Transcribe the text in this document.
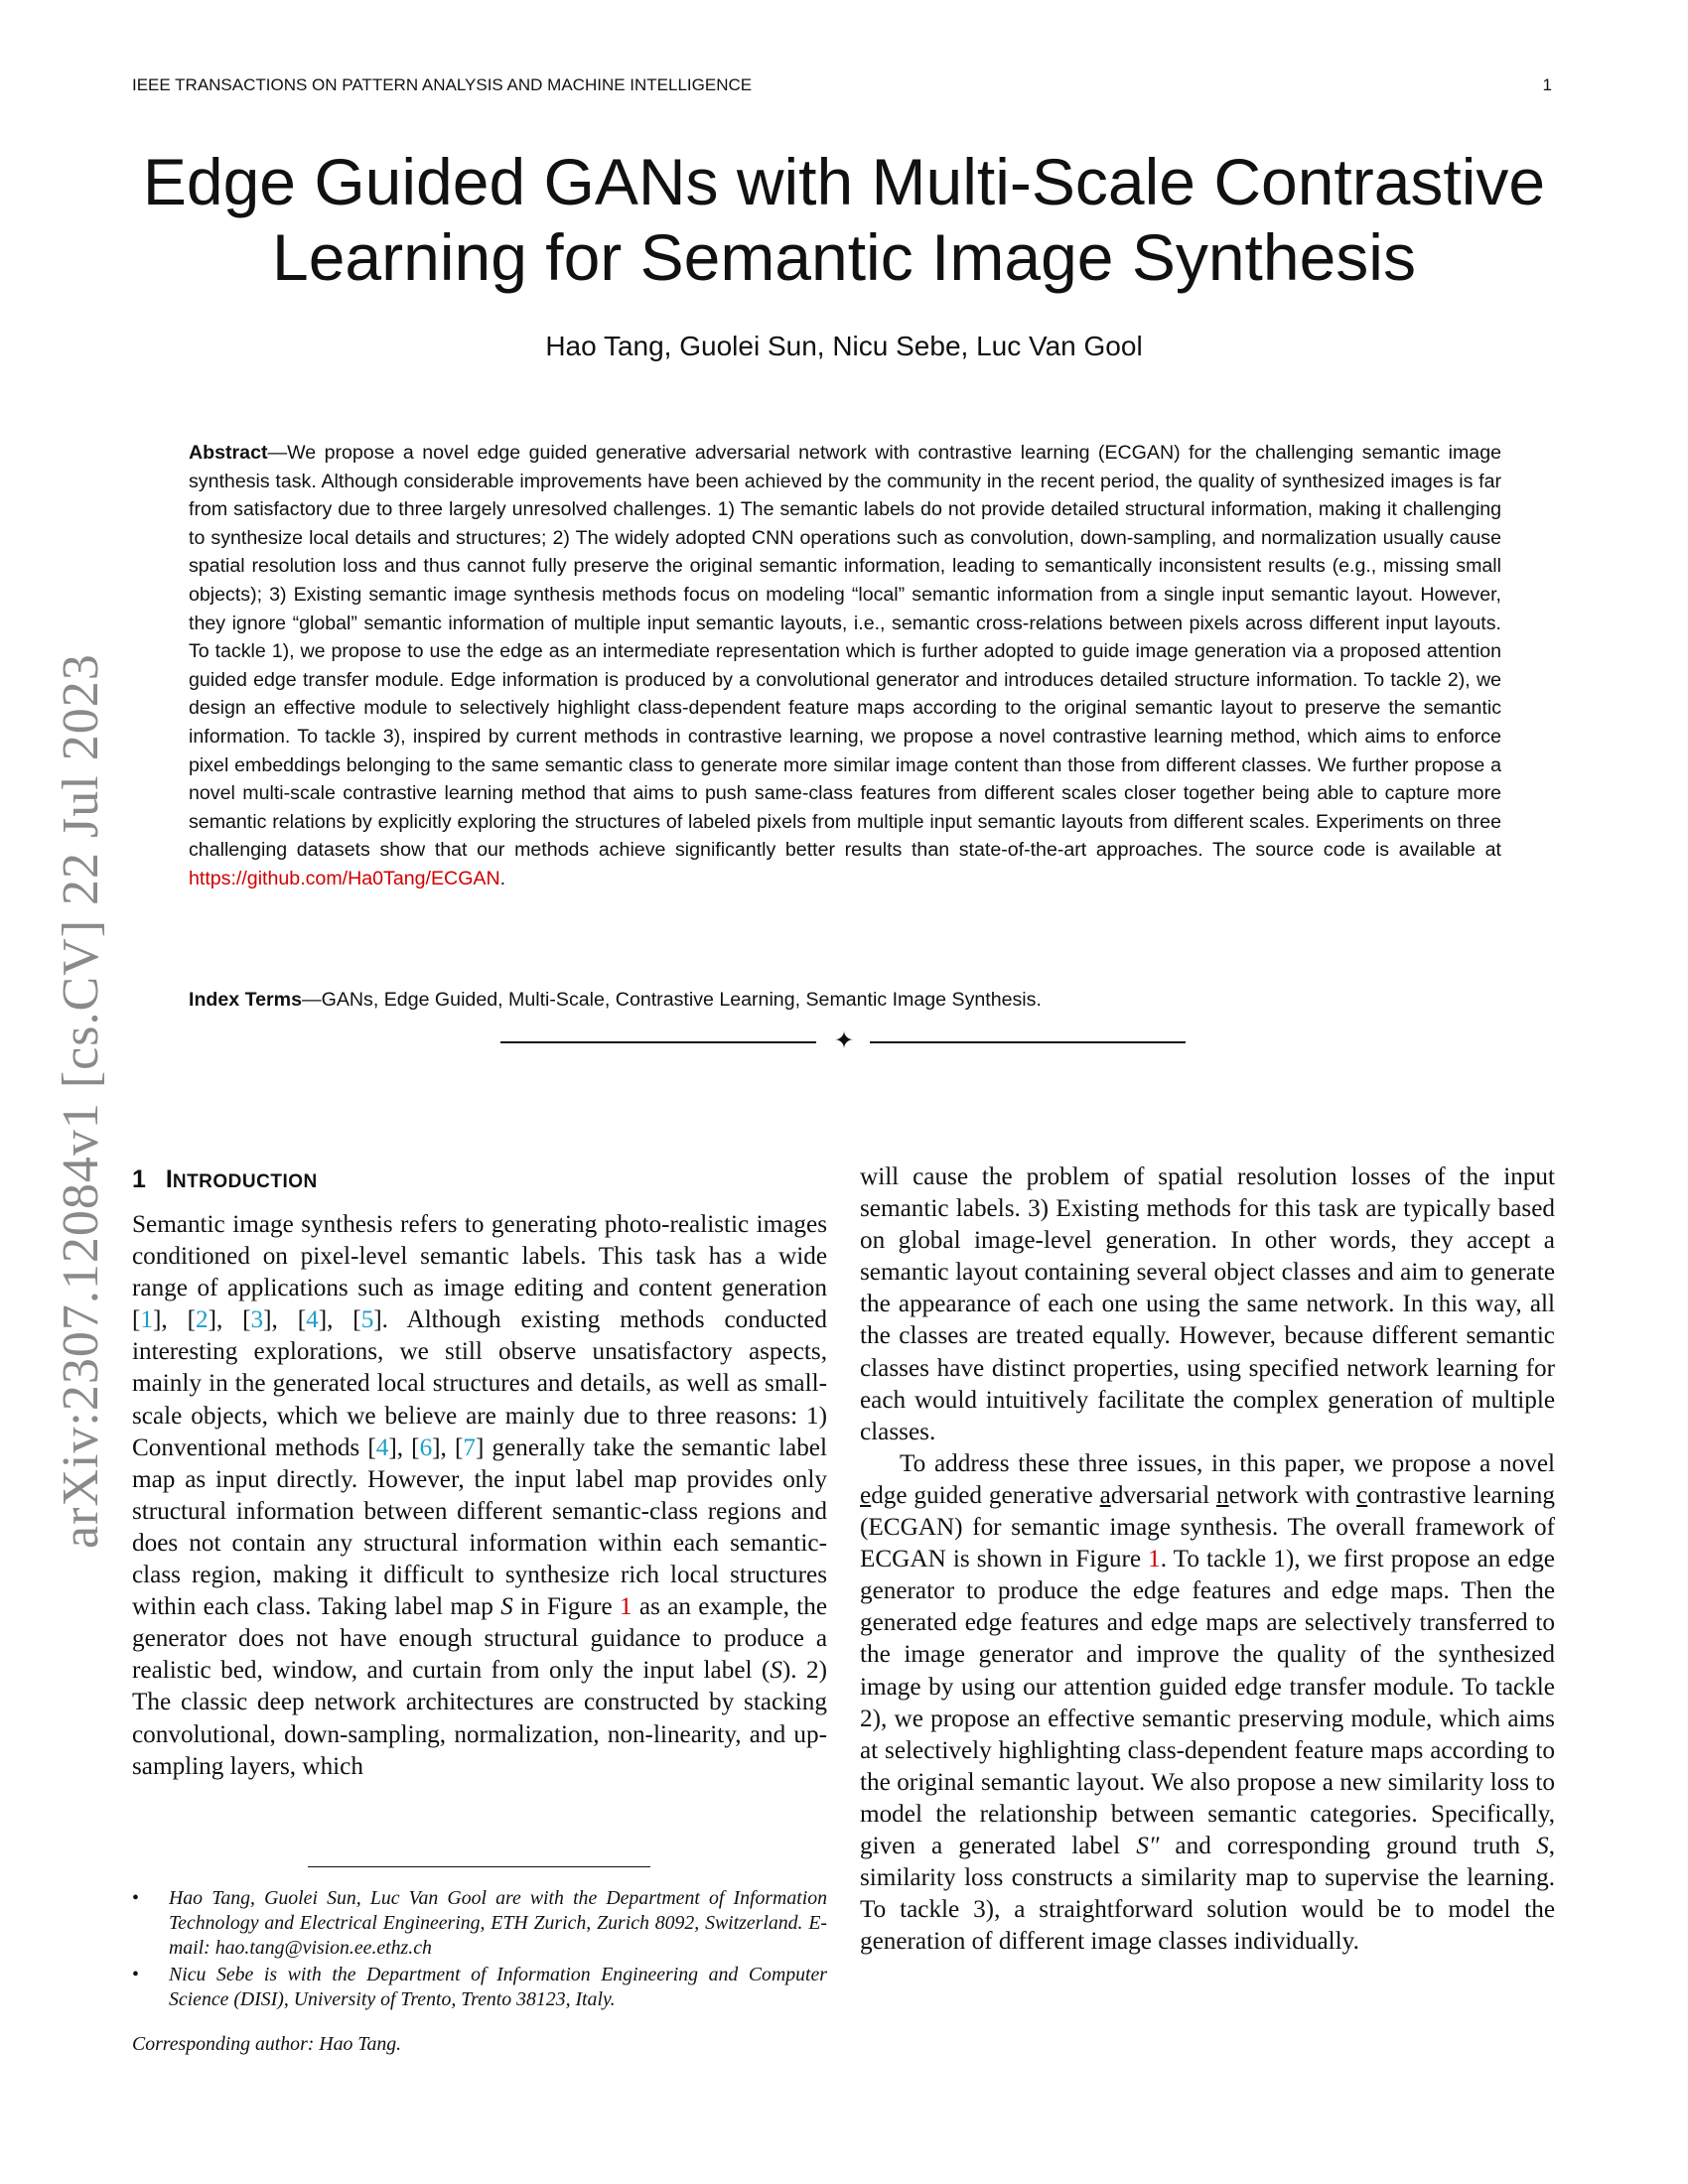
IEEE TRANSACTIONS ON PATTERN ANALYSIS AND MACHINE INTELLIGENCE	1
Edge Guided GANs with Multi-Scale Contrastive
Learning for Semantic Image Synthesis
Hao Tang, Guolei Sun, Nicu Sebe, Luc Van Gool

Abstract—We propose a novel edge guided generative adversarial network with contrastive learning (ECGAN) for the challenging semantic image synthesis task. Although considerable improvements have been achieved by the community in the recent period, the quality of synthesized images is far from satisfactory due to three largely unresolved challenges. 1) The semantic labels do not provide detailed structural information, making it challenging to synthesize local details and structures; 2) The widely adopted CNN operations such as convolution, down-sampling, and normalization usually cause spatial resolution loss and thus cannot fully preserve the original semantic information, leading to semantically inconsistent results (e.g., missing small objects); 3) Existing semantic image synthesis methods focus on modeling “local” semantic information from a single input semantic layout. However, they ignore “global” semantic information of multiple input semantic layouts, i.e., semantic cross-relations between pixels across different input layouts. To tackle 1), we propose to use the edge as an intermediate representation which is further adopted to guide image generation via a proposed attention guided edge transfer module. Edge information is produced by a convolutional generator and introduces detailed structure information. To tackle 2), we design an effective module to selectively highlight class-dependent feature maps according to the original semantic layout to preserve the semantic information. To tackle 3), inspired by current methods in contrastive learning, we propose a novel contrastive learning method, which aims to enforce pixel embeddings belonging to the same semantic class to generate more similar image content than those from different classes. We further propose a novel multi-scale contrastive learning method that aims to push same-class features from different scales closer together being able to capture more semantic relations by explicitly exploring the structures of labeled pixels from multiple input semantic layouts from different scales. Experiments on three challenging datasets show that our methods achieve significantly better results than state-of-the-art approaches. The source code is available at https://github.com/Ha0Tang/ECGAN.

Index Terms—GANs, Edge Guided, Multi-Scale, Contrastive Learning, Semantic Image Synthesis.
✦
arXiv:2307.12084v1 [cs.CV] 22 Jul 2023 1 INTRODUCTION

Semantic image synthesis refers to generating photo-realistic images conditioned on pixel-level semantic labels. This task has a wide range of applications such as image editing and content generation [1], [2], [3], [4], [5]. Although existing methods conducted interesting explorations, we still observe unsatisfactory aspects, mainly in the generated local structures and details, as well as small-scale objects, which we believe are mainly due to three reasons: 1) Conventional methods [4], [6], [7] generally take the semantic label map as input directly. However, the input label map provides only structural information between different semantic-class regions and does not contain any structural information within each semantic-class region, making it difficult to synthesize rich local structures within each class. Taking label map S in Figure 1 as an example, the generator does not have enough structural guidance to produce a realistic bed, window, and curtain from only the input label (S). 2) The classic deep network architectures are constructed by stacking convolutional, down-sampling, normalization, non-linearity, and up-sampling layers, which

will cause the problem of spatial resolution losses of the input semantic labels. 3) Existing methods for this task are typically based on global image-level generation. In other words, they accept a semantic layout containing several object classes and aim to generate the appearance of each one using the same network. In this way, all the classes are treated equally. However, because different semantic classes have distinct properties, using specified network learning for each would intuitively facilitate the complex generation of multiple classes.

To address these three issues, in this paper, we propose a novel edge guided generative adversarial network with contrastive learning (ECGAN) for semantic image synthesis. The overall framework of ECGAN is shown in Figure 1. To tackle 1), we first propose an edge generator to produce the edge features and edge maps. Then the generated edge features and edge maps are selectively transferred to the image generator and improve the quality of the synthesized image by using our attention guided edge transfer module. To tackle 2), we propose an effective semantic preserving module, which aims at selectively highlighting class-dependent feature maps according to the original semantic layout. We also propose a new similarity loss to model the relationship between semantic categories. Specifically, given a generated label S″ and corresponding ground truth S, similarity loss constructs a similarity map to supervise the learning. To tackle 3), a straightforward solution would be to model the generation of different image classes individually.

• Hao Tang, Guolei Sun, Luc Van Gool are with the Department of Information Technology and Electrical Engineering, ETH Zurich, Zurich 8092, Switzerland. E-mail: hao.tang@vision.ee.ethz.ch
• Nicu Sebe is with the Department of Information Engineering and Computer Science (DISI), University of Trento, Trento 38123, Italy.
Corresponding author: Hao Tang.
